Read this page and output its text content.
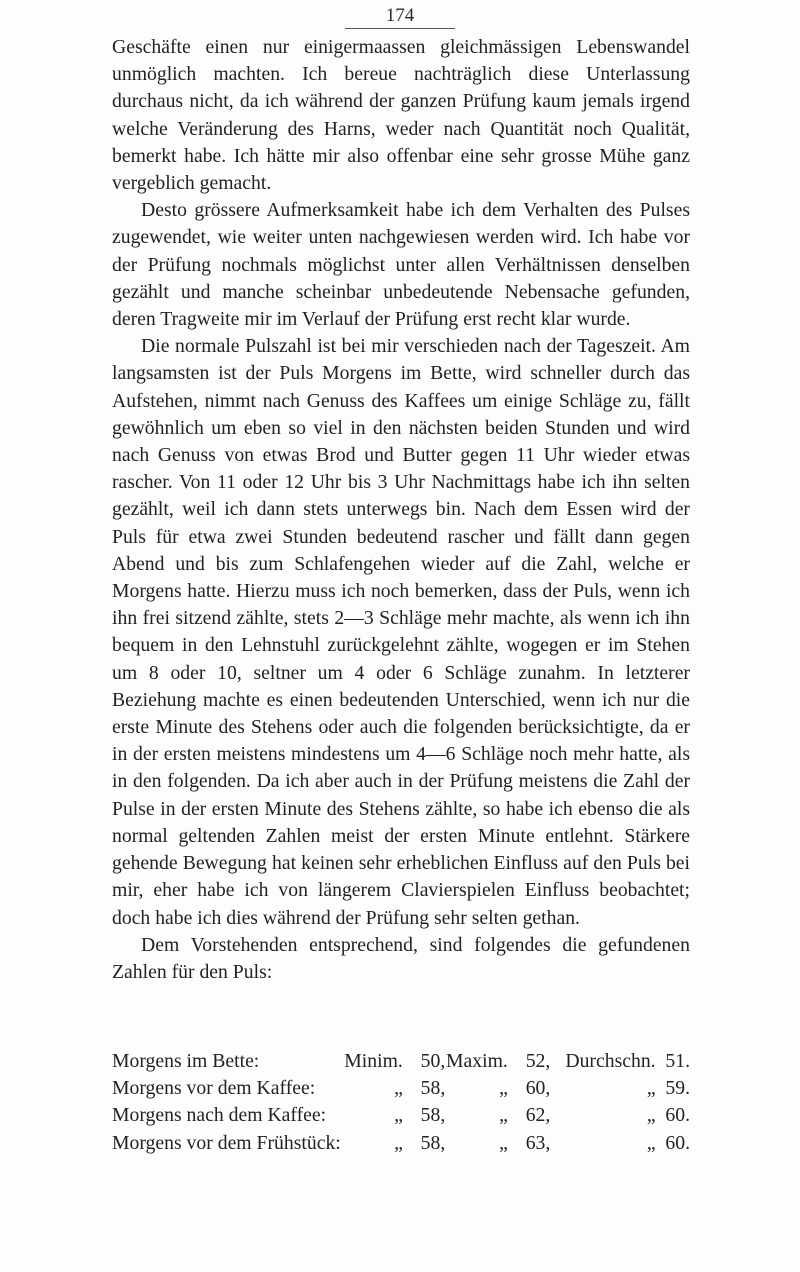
174

Geschäfte einen nur einigermaassen gleichmässigen Lebenswandel unmöglich machten. Ich bereue nachträglich diese Unterlassung durchaus nicht, da ich während der ganzen Prüfung kaum jemals irgend welche Veränderung des Harns, weder nach Quantität noch Qualität, bemerkt habe. Ich hätte mir also offenbar eine sehr grosse Mühe ganz vergeblich gemacht.

Desto grössere Aufmerksamkeit habe ich dem Verhalten des Pulses zugewendet, wie weiter unten nachgewiesen werden wird. Ich habe vor der Prüfung nochmals möglichst unter allen Verhältnissen denselben gezählt und manche scheinbar unbedeutende Nebensache gefunden, deren Tragweite mir im Verlauf der Prüfung erst recht klar wurde.

Die normale Pulszahl ist bei mir verschieden nach der Tageszeit. Am langsamsten ist der Puls Morgens im Bette, wird schneller durch das Aufstehen, nimmt nach Genuss des Kaffees um einige Schläge zu, fällt gewöhnlich um eben so viel in den nächsten beiden Stunden und wird nach Genuss von etwas Brod und Butter gegen 11 Uhr wieder etwas rascher. Von 11 oder 12 Uhr bis 3 Uhr Nachmittags habe ich ihn selten gezählt, weil ich dann stets unterwegs bin. Nach dem Essen wird der Puls für etwa zwei Stunden bedeutend rascher und fällt dann gegen Abend und bis zum Schlafengehen wieder auf die Zahl, welche er Morgens hatte. Hierzu muss ich noch bemerken, dass der Puls, wenn ich ihn frei sitzend zählte, stets 2—3 Schläge mehr machte, als wenn ich ihn bequem in den Lehnstuhl zurückgelehnt zählte, wogegen er im Stehen um 8 oder 10, seltner um 4 oder 6 Schläge zunahm. In letzterer Beziehung machte es einen bedeutenden Unterschied, wenn ich nur die erste Minute des Stehens oder auch die folgenden berücksichtigte, da er in der ersten meistens mindestens um 4—6 Schläge noch mehr hatte, als in den folgenden. Da ich aber auch in der Prüfung meistens die Zahl der Pulse in der ersten Minute des Stehens zählte, so habe ich ebenso die als normal geltenden Zahlen meist der ersten Minute entlehnt. Stärkere gehende Bewegung hat keinen sehr erheblichen Einfluss auf den Puls bei mir, eher habe ich von längerem Clavierspielen Einfluss beobachtet; doch habe ich dies während der Prüfung sehr selten gethan.

Dem Vorstehenden entsprechend, sind folgendes die gefundenen Zahlen für den Puls:

Morgens im Bette:	Minim.	50,	Maxim.	52,	Durchschn.	51.
Morgens vor dem Kaffee:	„	58,	„	60,	„	59.
Morgens nach dem Kaffee:	„	58,	„	62,	„	60.
Morgens vor dem Frühstück:	„	58,	„	63,	„	60.
